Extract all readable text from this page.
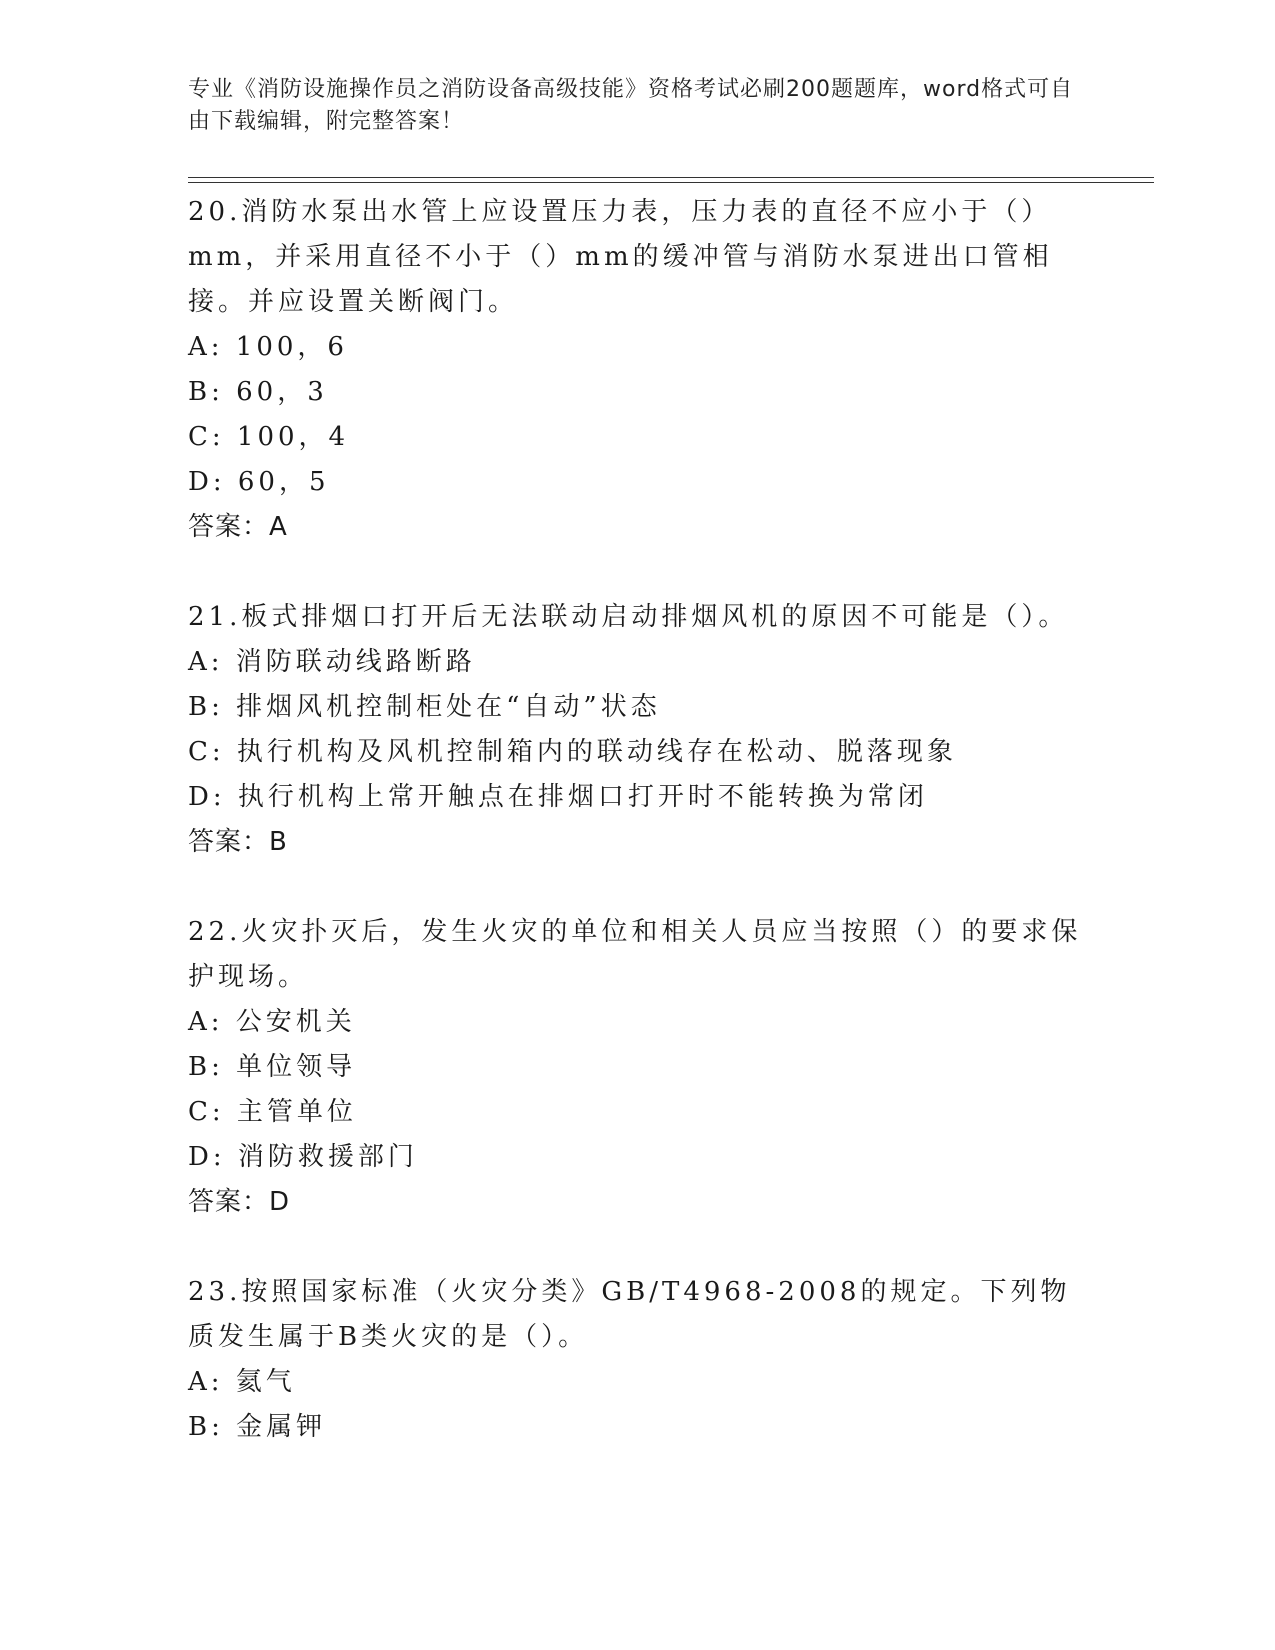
专业《消防设施操作员之消防设备高级技能》资格考试必刷200题题库，word格式可自由下载编辑，附完整答案！
20.消防水泵出水管上应设置压力表，压力表的直径不应小于（）mm，并采用直径不小于（）mm的缓冲管与消防水泵进出口管相接。并应设置关断阀门。
A: 100，6
B: 60，3
C: 100，4
D: 60，5
答案：A
21.板式排烟口打开后无法联动启动排烟风机的原因不可能是（）。
A: 消防联动线路断路
B: 排烟风机控制柜处在“自动”状态
C: 执行机构及风机控制箱内的联动线存在松动、脱落现象
D: 执行机构上常开触点在排烟口打开时不能转换为常闭
答案：B
22.火灾扑灭后，发生火灾的单位和相关人员应当按照（）的要求保护现场。
A: 公安机关
B: 单位领导
C: 主管单位
D: 消防救援部门
答案：D
23.按照国家标准（火灾分类》GB/T4968-2008的规定。下列物质发生属于B类火灾的是（）。
A: 氦气
B: 金属钾
